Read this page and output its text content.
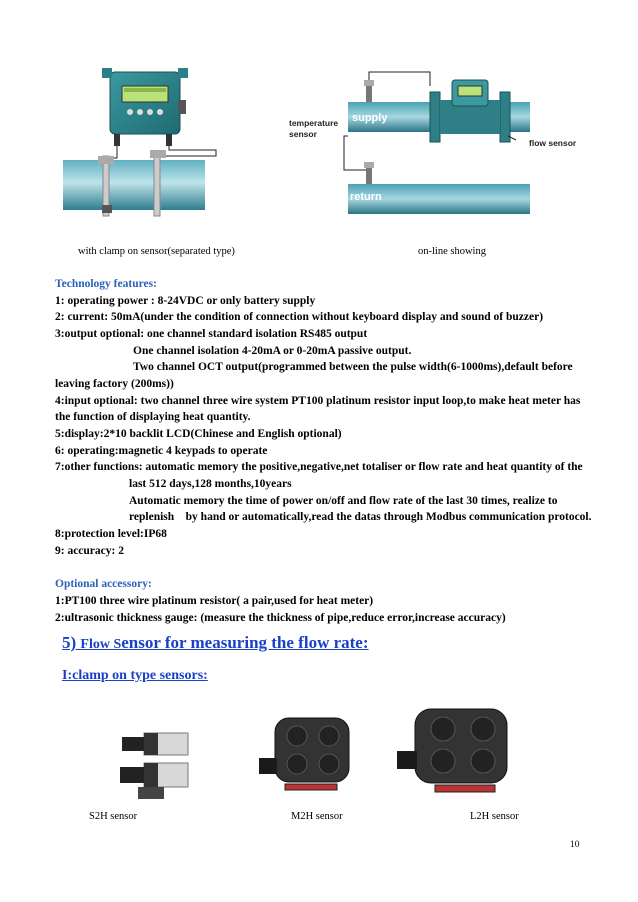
with clamp on sensor(separated type)
temperature
sensor
supply
return
flow sensor
on-line showing
Technology features:
1: operating power : 8-24VDC or only battery supply
2: current: 50mA(under the condition of connection without keyboard display and sound of buzzer)
3:output optional: one channel standard isolation RS485 output
One channel isolation 4-20mA or 0-20mA passive output.
Two channel OCT output(programmed between the pulse width(6-1000ms),default before
leaving factory (200ms))
4:input optional: two channel three wire system PT100 platinum resistor input loop,to make heat meter has
the function of displaying heat quantity.
5:display:2*10 backlit LCD(Chinese and English optional)
6: operating:magnetic 4 keypads to operate
7:other functions: automatic memory the positive,negative,net totaliser or flow rate and heat quantity of the
last 512 days,128 months,10years
Automatic memory the time of power on/off and flow rate of the last 30 times, realize to
replenish    by hand or automatically,read the datas through Modbus communication protocol.
8:protection level:IP68
9: accuracy: 2
Optional accessory:
1:PT100 three wire platinum resistor( a pair,used for heat meter)
2:ultrasonic thickness gauge: (measure the thickness of pipe,reduce error,increase accuracy)
5) Flow Sensor for measuring the flow rate:
I:clamp on type sensors:
S2H sensor	M2H sensor	L2H sensor
10
